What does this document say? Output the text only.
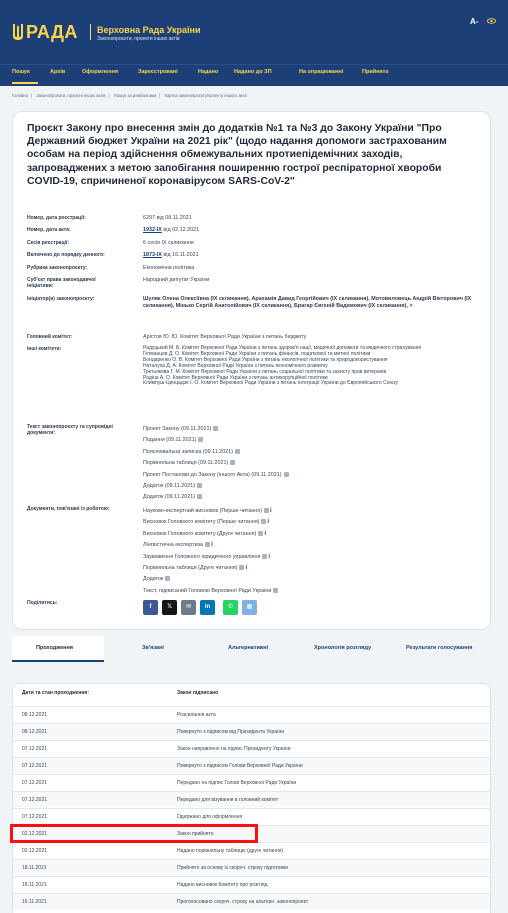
РАДА Верховна Рада України
Законопроєкти, проекти інших актів
A-
Пошук	Архів	Оформлення	Зареєстровані	Надано	Надано до ЗП	На опрацюванні	Прийнято
Головна | Законопроєкти, проекти інших актів | Пошук за реквізитами | Картка законопроєкту/проекту іншого акта
Проєкт Закону про внесення змін до додатків №1 та №3 до Закону України "Про Державний бюджет України на 2021 рік" (щодо надання допомоги застрахованим особам на період здійснення обмежувальних протиепідемічних заходів, запроваджених з метою запобігання поширенню гострої респіраторної хвороби COVID-19, спричиненої коронавірусом SARS-CoV-2"
Номер, дата реєстрації:	6297 від 08.11.2021
Номер, дата акта:	1932-IX від 02.12.2021
Сесія реєстрації:	6 сесія IX скликання
Включено до порядку денного:	1873-IX від 16.11.2021
Рубрика законопроєкту:	Економічна політика
Суб'єкт права законодавчої ініціативи:
Народний депутат України
Ініціатор(и) законопроєкту:	Шуляк Олена Олексіївна (IX скликання), Арахамія Давид Георгійович (IX скликання), Мотовиловець Андрій Вікторович (IX скликання), Мінько Сергій Анатолійович (IX скликання), Брагар Євгеній Вадимович (IX скликання), >
Головний комітет:	Арістов Ю. Ю. Комітет Верховної Ради України з питань бюджету
Інші комітети:	Радуцький М. Б. Комітет Верховної Ради України з питань здоров'я нації, медичної допомоги та медичного страхування
Гетманцев Д. О. Комітет Верховної Ради України з питань фінансів, податкової та митної політики
Бондаренко О. В. Комітет Верховної Ради України з питань екологічної політики та природокористування
Наталуха Д. А. Комітет Верховної Ради України з питань економічного розвитку
Третьякова Г. М. Комітет Верховної Ради України з питань соціальної політики та захисту прав ветеранів
Радіна А. О. Комітет Верховної Ради України з питань антикорупційної політики
Климпуш-Цинцадзе І. О. Комітет Верховної Ради України з питань інтеграції України до Європейського Союзу
Текст законопроєкту та супровідні документи:
Проект Закону (09.11.2021)
Подання (09.11.2021)
Пояснювальна записка (09.11.2021)
Порівняльна таблиця (09.11.2021)
Проект Постанови до Закону (іншого Акта) (09.11.2021)
Додаток (09.11.2021)
Додаток (09.11.2021)
Документи, пов'язані із роботою:	Науково-експертний висновок (Перше читання) i
Висновок Головного комітету (Перше читання) i
Висновок Головного комітету (Друге читання) i
Лінгвістична експертиза i
Зауваження Головного юридичного управління i
Порівняльна таблиця (Друге читання) i
Додаток
Текст, підписаний Головою Верховної Ради України
Поділитись:
f	𝕏	✉	in	✆	▦
Проходження	Зв'язані	Альтернативні	Хронологія розгляду	Результати голосування
Дати та стан проходження:	Закон підписано
08.12.2021	Розсилання акта
08.12.2021	Повернуто з підписом від Президента України
07.12.2021	Закон направлено на підпис Президенту України
07.12.2021	Повернуто з підписом Голови Верховної Ради України
07.12.2021	Передано на підпис Голові Верховної Ради України
07.12.2021	Передано для візування в головний комітет
07.12.2021	Одержано для оформлення
02.12.2021	Закон прийнято
02.12.2021	Надано порівняльну таблицю (друге читання)
18.11.2021	Прийнято за основу із скороч. строку підготовки
18.11.2021	Надано висновок Комітету про розгляд
16.11.2021	Проголосовано скороч. строку на альтерн. законопроект
